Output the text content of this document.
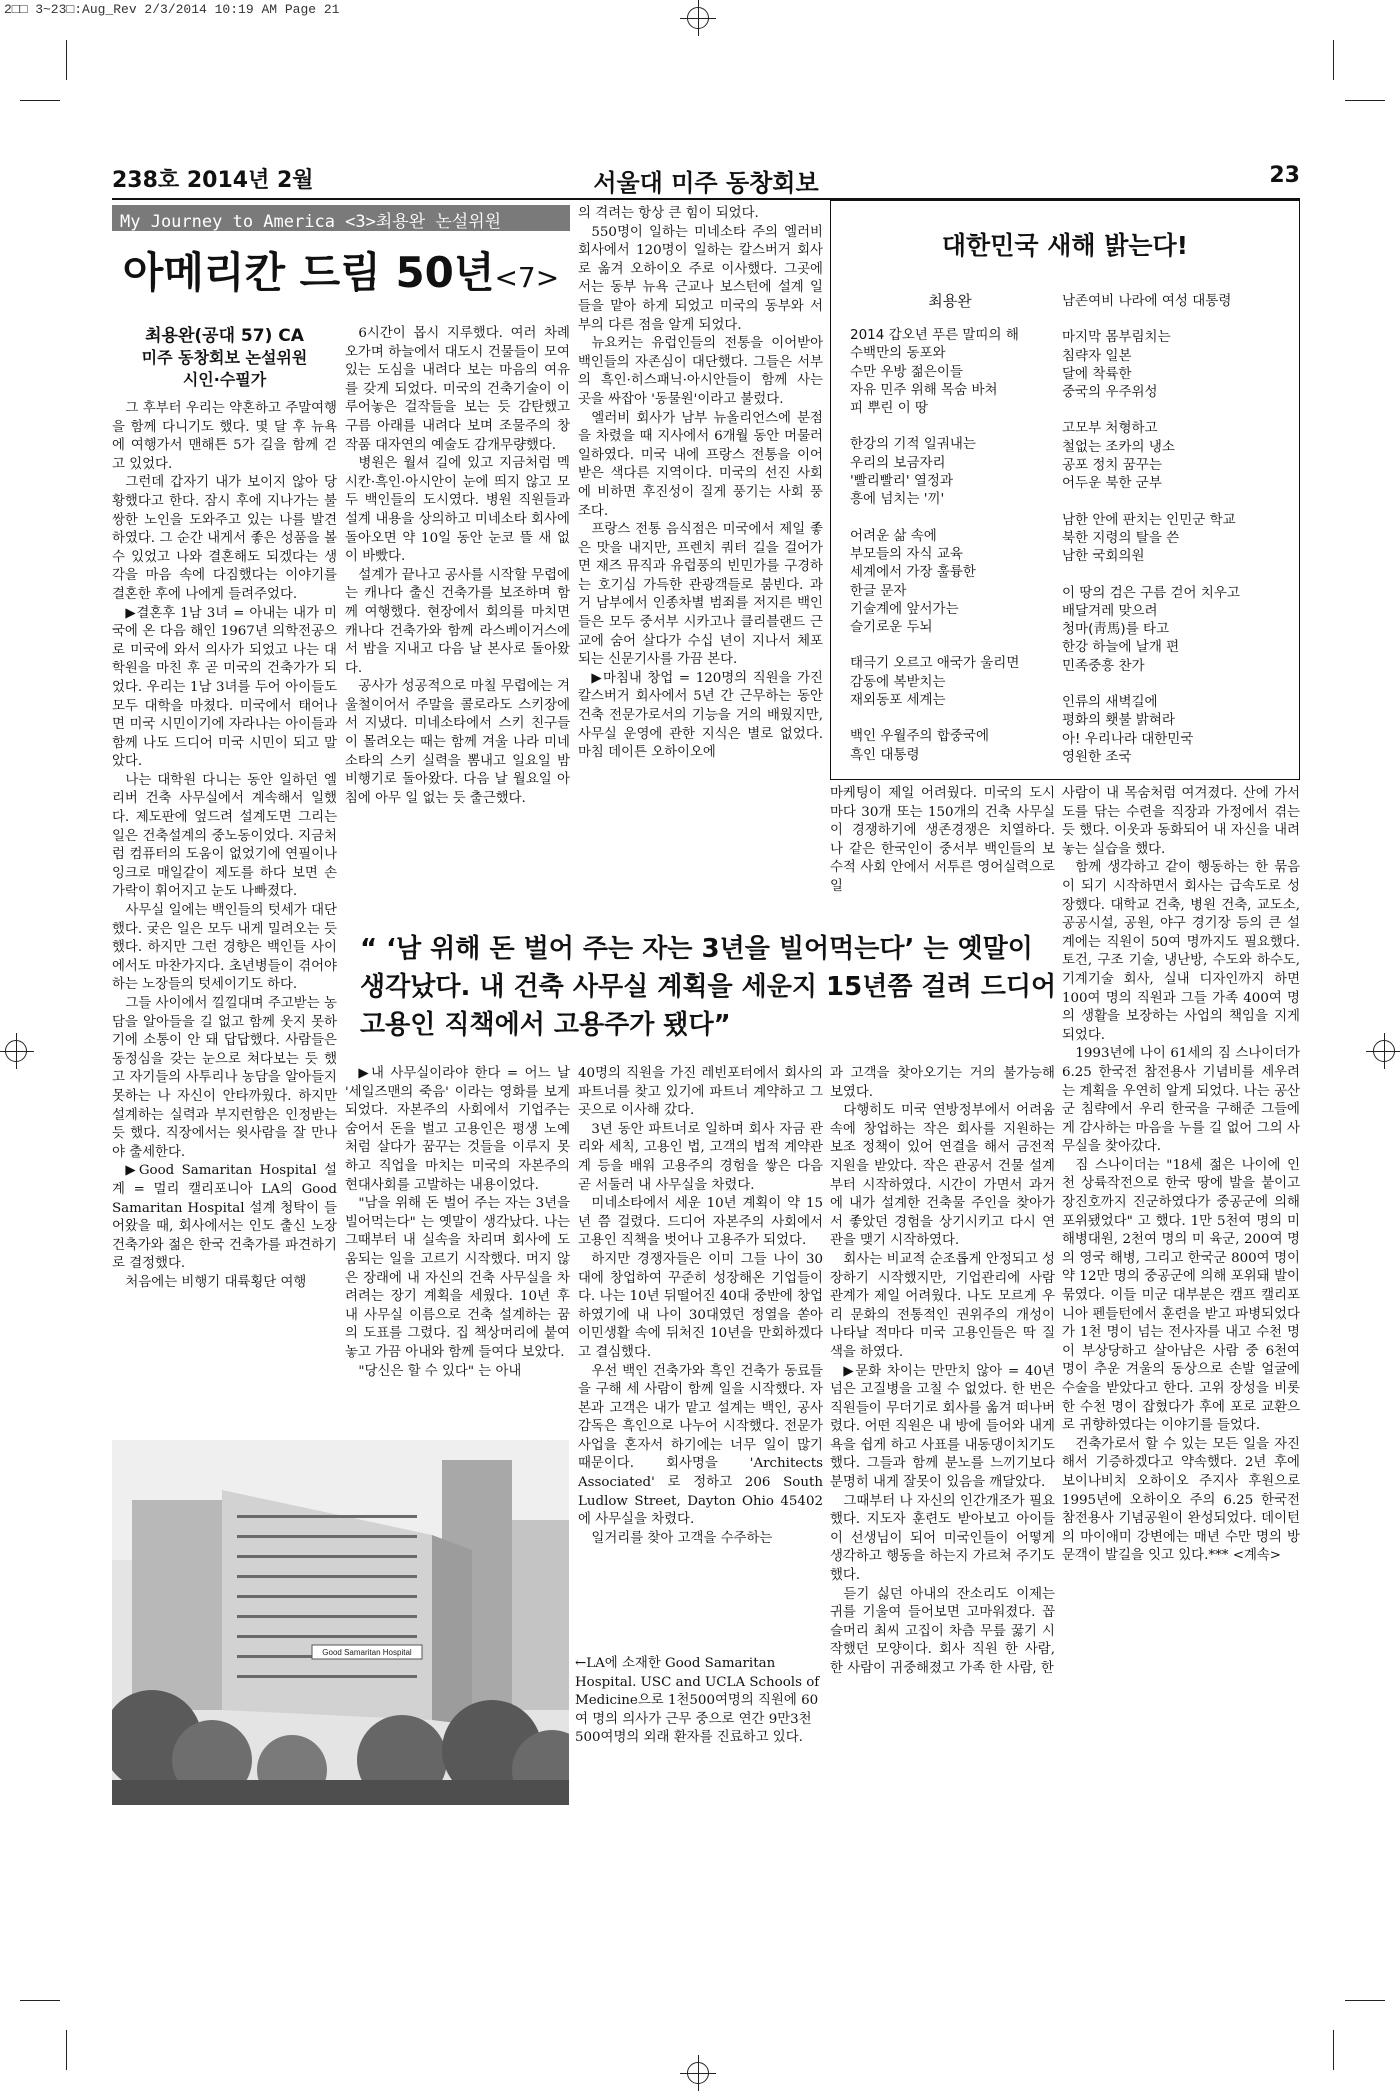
2□□ 3~23□:Aug_Rev 2/3/2014 10:19 AM Page 21
238호 2014년 2월	서울대 미주 동창회보	23
My Journey to America <3>최용완 논설위원
아메리칸 드림 50년<7>
최용완(공대 57) CA
미주 동창회보 논설위원
시인·수필가

그 후부터 우리는 약혼하고 주말여행을 함께 다니기도 했다. 몇 달 후 뉴욕에 여행가서 맨해튼 5가 길을 함께 걷고 있었다.

그런데 갑자기 내가 보이지 않아 당황했다고 한다. 잠시 후에 지나가는 불쌍한 노인을 도와주고 있는 나를 발견하였다. 그 순간 내게서 좋은 성품을 볼 수 있었고 나와 결혼해도 되겠다는 생각을 마음 속에 다짐했다는 이야기를 결혼한 후에 나에게 들려주었다.

▶결혼후 1남 3녀 = 아내는 내가 미국에 온 다음 해인 1967년 의학전공으로 미국에 와서 의사가 되었고 나는 대학원을 마친 후 곧 미국의 건축가가 되었다. 우리는 1남 3녀를 두어 아이들도 모두 대학을 마쳤다. 미국에서 태어나면 미국 시민이기에 자라나는 아이들과 함께 나도 드디어 미국 시민이 되고 말았다.

나는 대학원 다니는 동안 일하던 엘리버 건축 사무실에서 계속해서 일했다. 제도판에 엎드려 설계도면 그리는 일은 건축설계의 중노동이었다. 지금처럼 컴퓨터의 도움이 없었기에 연필이나 잉크로 매일같이 제도를 하다 보면 손가락이 휘어지고 눈도 나빠졌다.

사무실 일에는 백인들의 텃세가 대단했다. 궂은 일은 모두 내게 밀려오는 듯 했다. 하지만 그런 경향은 백인들 사이에서도 마찬가지다. 초년병들이 겪어야 하는 노장들의 텃세이기도 하다.

그들 사이에서 낄낄대며 주고받는 농담을 알아들을 길 없고 함께 웃지 못하기에 소통이 안 돼 답답했다. 사람들은 동정심을 갖는 눈으로 쳐다보는 듯 했고 자기들의 사투리나 농담을 알아들지 못하는 나 자신이 안타까웠다. 하지만 설계하는 실력과 부지런함은 인정받는 듯 했다. 직장에서는 윗사람을 잘 만나야 출세한다.

▶Good Samaritan Hospital 설계 = 멀리 캘리포니아 LA의 Good Samaritan Hospital 설계 청탁이 들어왔을 때, 회사에서는 인도 출신 노장 건축가와 젊은 한국 건축가를 파견하기로 결정했다.

처음에는 비행기 대륙횡단 여행

6시간이 몹시 지루했다. 여러 차례 오가며 하늘에서 대도시 건물들이 모여 있는 도심을 내려다 보는 마음의 여유를 갖게 되었다. 미국의 건축기술이 이루어놓은 걸작들을 보는 듯 감탄했고 구름 아래를 내려다 보며 조물주의 창작품 대자연의 예술도 감개무량했다.

병원은 월셔 길에 있고 지금처럼 멕시칸·흑인·아시안이 눈에 띄지 않고 모두 백인들의 도시였다. 병원 직원들과 설계 내용을 상의하고 미네소타 회사에 돌아오면 약 10일 동안 눈코 뜰 새 없이 바빴다.

설계가 끝나고 공사를 시작할 무렵에는 캐나다 출신 건축가를 보조하며 함께 여행했다. 현장에서 회의를 마치면 캐나다 건축가와 함께 라스베이거스에서 밤을 지내고 다음 날 본사로 돌아왔다.

공사가 성공적으로 마칠 무렵에는 겨울철이어서 주말을 콜로라도 스키장에서 지냈다. 미네소타에서 스키 친구들이 몰려오는 때는 함께 겨울 나라 미네소타의 스키 실력을 뽐내고 일요일 밤 비행기로 돌아왔다. 다음 날 월요일 아침에 아무 일 없는 듯 출근했다.

의 격려는 항상 큰 힘이 되었다.

550명이 일하는 미네소타 주의 엘러비 회사에서 120명이 일하는 칼스버거 회사로 옮겨 오하이오 주로 이사했다. 그곳에서는 동부 뉴욕 근교나 보스턴에 설계 일들을 맡아 하게 되었고 미국의 동부와 서부의 다른 점을 알게 되었다.

뉴요커는 유럽인들의 전통을 이어받아 백인들의 자존심이 대단했다. 그들은 서부의 흑인·히스패닉·아시안들이 함께 사는 곳을 싸잡아 '동물원'이라고 불렀다.

엘러비 회사가 남부 뉴올리언스에 분점을 차렸을 때 지사에서 6개월 동안 머물러 일하였다. 미국 내에 프랑스 전통을 이어받은 색다른 지역이다. 미국의 선진 사회에 비하면 후진성이 질게 풍기는 사회 풍조다.

프랑스 전통 음식점은 미국에서 제일 좋은 맛을 내지만, 프렌치 쿼터 길을 걸어가면 재즈 뮤직과 유럽풍의 빈민가를 구경하는 호기심 가득한 관광객들로 붐빈다. 과거 남부에서 인종차별 범죄를 저지른 백인들은 모두 중서부 시카고나 클리블랜드 근교에 숨어 살다가 수십 년이 지나서 체포되는 신문기사를 가끔 본다.

▶마침내 창업 = 120명의 직원을 가진 칼스버거 회사에서 5년 간 근무하는 동안 건축 전문가로서의 기능을 거의 배웠지만, 사무실 운영에 관한 지식은 별로 없었다. 마침 데이튼 오하이오에

대한민국 새해 밝는다!
최용완
2014 갑오년 푸른 말띠의 해
수백만의 동포와
수만 우방 젊은이들
자유 민주 위해 목숨 바쳐
피 뿌린 이 땅
한강의 기적 일궈내는
우리의 보금자리
'빨리빨리' 열정과
흥에 넘치는 '끼'
어려운 삶 속에
부모들의 자식 교육
세계에서 가장 훌륭한
한글 문자
기술계에 앞서가는
슬기로운 두뇌
태극기 오르고 애국가 울리면
감동에 복받치는
재외동포 세계는
백인 우월주의 합중국에
흑인 대통령
남존여비 나라에 여성 대통령
마지막 몸부림치는
침략자 일본
달에 착륙한
중국의 우주위성
고모부 처형하고
철없는 조카의 냉소
공포 정치 꿈꾸는
어두운 북한 군부
남한 안에 판치는 인민군 학교
북한 지령의 탈을 쓴
남한 국회의원
이 땅의 검은 구름 걷어 치우고
배달겨레 맞으려
청마(靑馬)를 타고
한강 하늘에 날개 편
민족중흥 찬가
인류의 새벽길에
평화의 횃불 밝혀라
아! 우리나라 대한민국
영원한 조국

마케팅이 제일 어려웠다. 미국의 도시마다 30개 또는 150개의 건축 사무실이 경쟁하기에 생존경쟁은 치열하다. 나 같은 한국인이 중서부 백인들의 보수적 사회 안에서 서투른 영어실력으로 일

사람이 내 목숨처럼 여겨졌다. 산에 가서 도를 닦는 수련을 직장과 가정에서 겪는 듯 했다. 이웃과 동화되어 내 자신을 내려놓는 실습을 했다.

함께 생각하고 같이 행동하는 한 묶음이 되기 시작하면서 회사는 급속도로 성장했다. 대학교 건축, 병원 건축, 교도소, 공공시설, 공원, 야구 경기장 등의 큰 설계에는 직원이 50여 명까지도 필요했다. 토건, 구조 기술, 냉난방, 수도와 하수도, 기계기술 회사, 실내 디자인까지 하면 100여 명의 직원과 그들 가족 400여 명의 생활을 보장하는 사업의 책임을 지게 되었다.

1993년에 나이 61세의 짐 스나이더가 6.25 한국전 참전용사 기념비를 세우려는 계획을 우연히 알게 되었다. 나는 공산군 침략에서 우리 한국을 구해준 그들에게 감사하는 마음을 누를 길 없어 그의 사무실을 찾아갔다.

짐 스나이더는 "18세 젊은 나이에 인천 상륙작전으로 한국 땅에 발을 붙이고 장진호까지 진군하였다가 중공군에 의해 포위됐었다" 고 했다. 1만 5천여 명의 미 해병대원, 2천여 명의 미 육군, 200여 명의 영국 해병, 그리고 한국군 800여 명이 약 12만 명의 중공군에 의해 포위돼 발이 묶였다. 이들 미군 대부분은 캠프 캘리포니아 펜들턴에서 훈련을 받고 파병되었다가 1천 명이 넘는 전사자를 내고 수천 명이 부상당하고 살아남은 사람 중 6천여 명이 추운 겨울의 동상으로 손발 얼굴에 수술을 받았다고 한다. 고위 장성을 비롯한 수천 명이 잡혔다가 후에 포로 교환으로 귀향하였다는 이야기를 들었다.

건축가로서 할 수 있는 모든 일을 자진해서 기증하겠다고 약속했다. 2년 후에 보이나비치 오하이오 주지사 후원으로 1995년에 오하이오 주의 6.25 한국전 참전용사 기념공원이 완성되었다. 데이턴의 마이애미 강변에는 매년 수만 명의 방문객이 발길을 잇고 있다.*** <계속>

“ ‘남 위해 돈 벌어 주는 자는 3년을 빌어먹는다’ 는 옛말이 생각났다. 내 건축 사무실 계획을 세운지 15년쯤 걸려 드디어 고용인 직책에서 고용주가 됐다”

▶내 사무실이라야 한다 = 어느 날 '세일즈맨의 죽음' 이라는 영화를 보게 되었다. 자본주의 사회에서 기업주는 숨어서 돈을 벌고 고용인은 평생 노예처럼 살다가 꿈꾸는 것들을 이루지 못하고 직업을 마치는 미국의 자본주의 현대사회를 고발하는 내용이었다.

"남을 위해 돈 벌어 주는 자는 3년을 빌어먹는다" 는 옛말이 생각났다. 나는 그때부터 내 실속을 차리며 회사에 도움되는 일을 고르기 시작했다. 머지 않은 장래에 내 자신의 건축 사무실을 차려려는 장기 계획을 세웠다. 10년 후 내 사무실 이름으로 건축 설계하는 꿈의 도표를 그렸다. 집 책상머리에 붙여놓고 가끔 아내와 함께 들여다 보았다.

"당신은 할 수 있다" 는 아내

40명의 직원을 가진 레빈포터에서 회사의 파트너를 찾고 있기에 파트너 계약하고 그곳으로 이사해 갔다.

3년 동안 파트너로 일하며 회사 자금 관리와 세칙, 고용인 법, 고객의 법적 계약관계 등을 배워 고용주의 경험을 쌓은 다음 곧 서둘러 내 사무실을 차렸다.

미네소타에서 세운 10년 계획이 약 15년 쯤 걸렸다. 드디어 자본주의 사회에서 고용인 직책을 벗어나 고용주가 되었다.

하지만 경쟁자들은 이미 그들 나이 30대에 창업하여 꾸준히 성장해온 기업들이다. 나는 10년 뒤떨어진 40대 중반에 창업하였기에 내 나이 30대였던 정열을 쏟아 이민생활 속에 뒤처진 10년을 만회하겠다고 결심했다.

우선 백인 건축가와 흑인 건축가 동료들을 구해 세 사람이 함께 일을 시작했다. 자본과 고객은 내가 맡고 설계는 백인, 공사 감독은 흑인으로 나누어 시작했다. 전문가 사업을 혼자서 하기에는 너무 일이 많기 때문이다. 회사명을 'Architects Associated' 로 정하고 206 South Ludlow Street, Dayton Ohio 45402에 사무실을 차렸다.

일거리를 찾아 고객을 수주하는

←LA에 소재한 Good Samaritan Hospital. USC and UCLA Schools of Medicine으로 1천500여명의 직원에 60여 명의 의사가 근무 중으로 연간 9만3천500여명의 외래 환자를 진료하고 있다.

과 고객을 찾아오기는 거의 불가능해 보였다.

다행히도 미국 연방정부에서 어려움 속에 창업하는 작은 회사를 지원하는 보조 정책이 있어 연결을 해서 금전적 지원을 받았다. 작은 관공서 건물 설계부터 시작하였다. 시간이 가면서 과거에 내가 설계한 건축물 주인을 찾아가서 좋았던 경험을 상기시키고 다시 연관을 맺기 시작하였다.

회사는 비교적 순조롭게 안정되고 성장하기 시작했지만, 기업관리에 사람 관계가 제일 어려웠다. 나도 모르게 우리 문화의 전통적인 권위주의 개성이 나타날 적마다 미국 고용인들은 딱 질색을 하였다.

▶문화 차이는 만만치 않아 = 40년 넘은 고질병을 고칠 수 없었다. 한 번은 직원들이 무더기로 회사를 옮겨 떠나버렸다. 어떤 직원은 내 방에 들어와 내게 욕을 쉽게 하고 사표를 내동댕이치기도 했다. 그들과 함께 분노를 느끼기보다 분명히 내게 잘못이 있음을 깨달았다.

그때부터 나 자신의 인간개조가 필요했다. 지도자 훈련도 받아보고 아이들이 선생님이 되어 미국인들이 어떻게 생각하고 행동을 하는지 가르쳐 주기도 했다.

듣기 싫던 아내의 잔소리도 이제는 귀를 기울여 들어보면 고마워졌다. 꼽슬머리 최씨 고집이 차츰 무릎 꿇기 시작했던 모양이다. 회사 직원 한 사람, 한 사람이 귀중해졌고 가족 한 사람, 한

Good Samaritan Hospital
